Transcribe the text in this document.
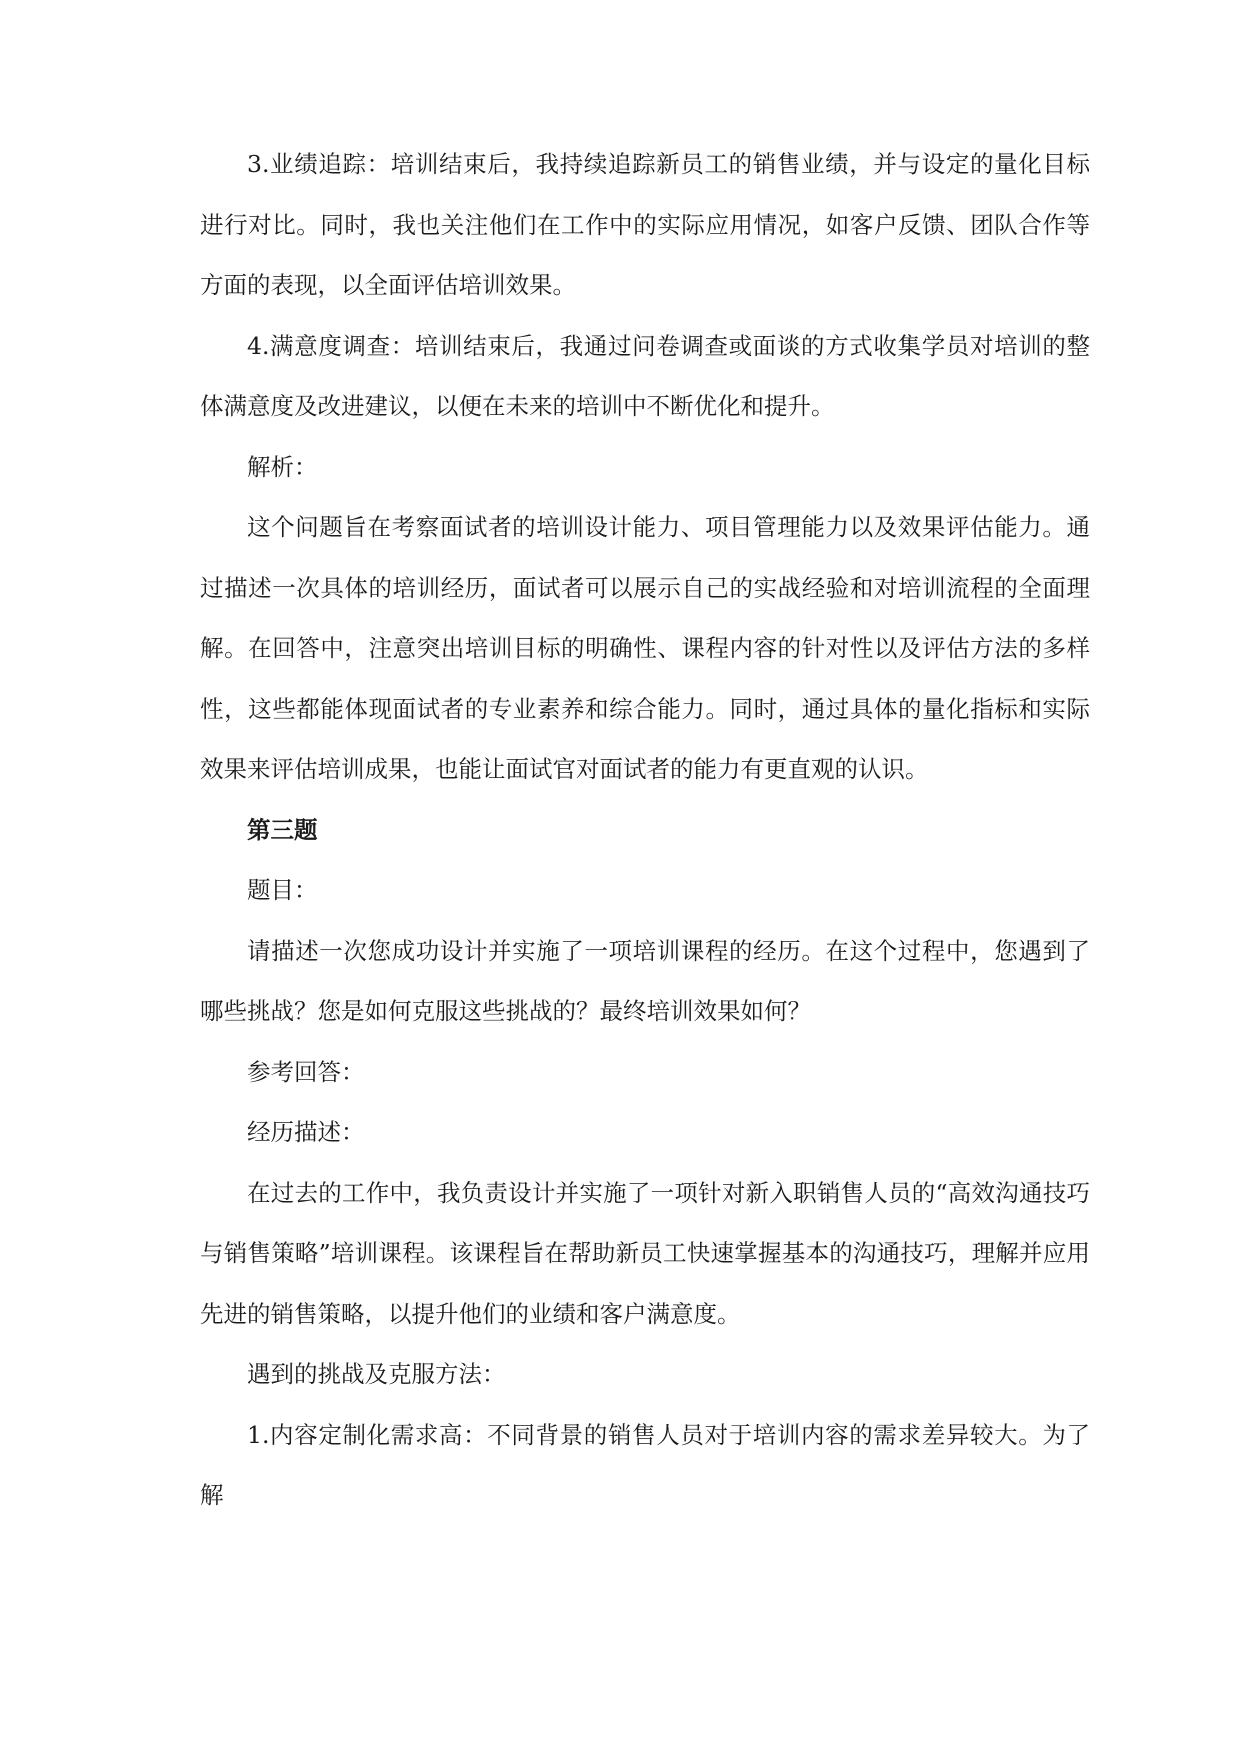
3.业绩追踪：培训结束后，我持续追踪新员工的销售业绩，并与设定的量化目标进行对比。同时，我也关注他们在工作中的实际应用情况，如客户反馈、团队合作等方面的表现，以全面评估培训效果。

4.满意度调查：培训结束后，我通过问卷调查或面谈的方式收集学员对培训的整体满意度及改进建议，以便在未来的培训中不断优化和提升。

解析：

这个问题旨在考察面试者的培训设计能力、项目管理能力以及效果评估能力。通过描述一次具体的培训经历，面试者可以展示自己的实战经验和对培训流程的全面理解。在回答中，注意突出培训目标的明确性、课程内容的针对性以及评估方法的多样性，这些都能体现面试者的专业素养和综合能力。同时，通过具体的量化指标和实际效果来评估培训成果，也能让面试官对面试者的能力有更直观的认识。

第三题

题目：

请描述一次您成功设计并实施了一项培训课程的经历。在这个过程中，您遇到了哪些挑战？您是如何克服这些挑战的？最终培训效果如何？

参考回答：

经历描述：

在过去的工作中，我负责设计并实施了一项针对新入职销售人员的“高效沟通技巧与销售策略”培训课程。该课程旨在帮助新员工快速掌握基本的沟通技巧，理解并应用先进的销售策略，以提升他们的业绩和客户满意度。

遇到的挑战及克服方法：

1.内容定制化需求高：不同背景的销售人员对于培训内容的需求差异较大。为了解
